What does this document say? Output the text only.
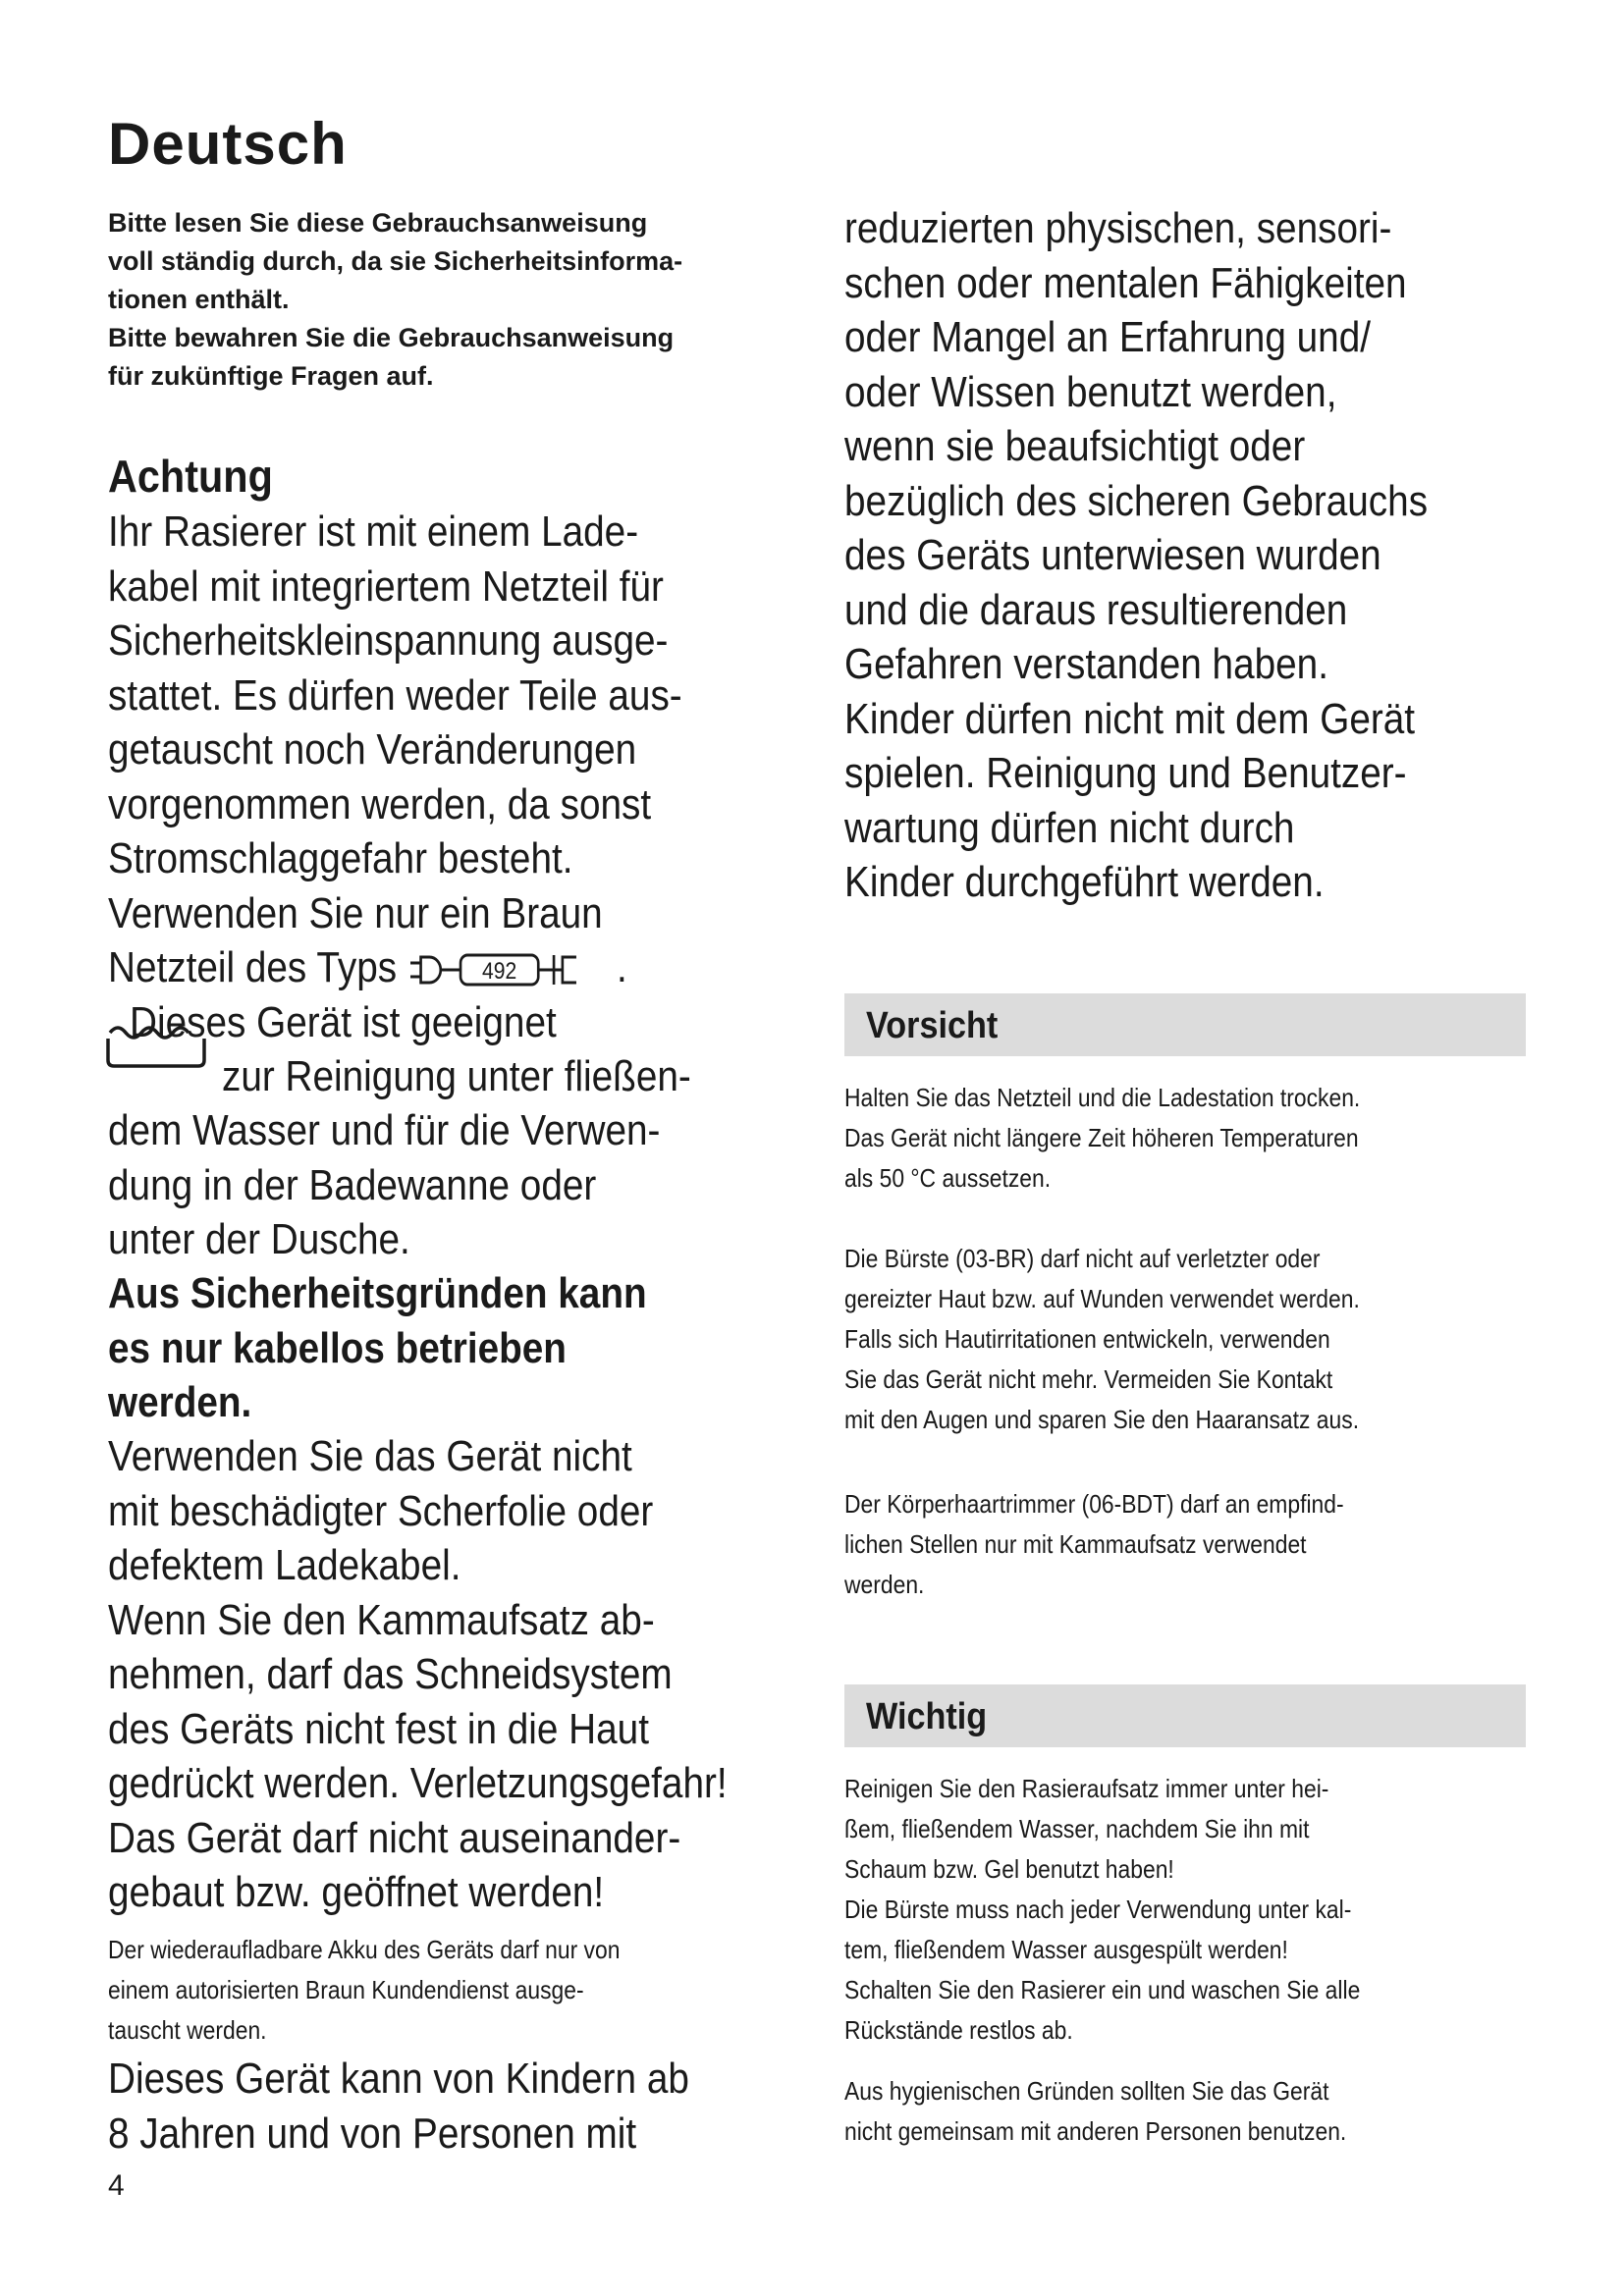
Deutsch
Bitte lesen Sie diese Gebrauchsanweisung
voll ständig durch, da sie Sicherheitsinforma-
tionen enthält.
Bitte bewahren Sie die Gebrauchsanweisung
für zukünftige Fragen auf.
Achtung
Ihr Rasierer ist mit einem Lade-
kabel mit integriertem Netzteil für
Sicherheitskleinspannung ausge-
stattet. Es dürfen weder Teile aus-
getauscht noch Veränderungen
vorgenommen werden, da sonst
Stromschlaggefahr besteht.
Verwenden Sie nur ein Braun
Netzteil des Typs	492 .
Dieses Gerät ist geeignet
zur Reinigung unter fließen-
dem Wasser und für die Verwen-
dung in der Badewanne oder
unter der Dusche.
Aus Sicherheitsgründen kann
es nur kabellos betrieben
werden.
Verwenden Sie das Gerät nicht
mit beschädigter Scherfolie oder
defektem Ladekabel.
Wenn Sie den Kammaufsatz ab-
nehmen, darf das Schneidsystem
des Geräts nicht fest in die Haut
gedrückt werden. Verletzungsgefahr!
Das Gerät darf nicht auseinander-
gebaut bzw. geöffnet werden!
Der wiederaufladbare Akku des Geräts darf nur von
einem autorisierten Braun Kundendienst ausge-
tauscht werden.
Dieses Gerät kann von Kindern ab
8 Jahren und von Personen mit
4
reduzierten physischen, sensori-
schen oder mentalen Fähigkeiten
oder Mangel an Erfahrung und/
oder Wissen benutzt werden,
wenn sie beaufsichtigt oder
bezüglich des sicheren Gebrauchs
des Geräts unterwiesen wurden
und die daraus resultierenden
Gefahren verstanden haben.
Kinder dürfen nicht mit dem Gerät
spielen. Reinigung und Benutzer-
wartung dürfen nicht durch
Kinder durchgeführt werden.
Vorsicht
Halten Sie das Netzteil und die Ladestation trocken.
Das Gerät nicht längere Zeit höheren Temperaturen
als 50 °C aussetzen.
Die Bürste (03-BR) darf nicht auf verletzter oder
gereizter Haut bzw. auf Wunden verwendet werden.
Falls sich Hautirritationen entwickeln, verwenden
Sie das Gerät nicht mehr. Vermeiden Sie Kontakt
mit den Augen und sparen Sie den Haaransatz aus.
Der Körperhaartrimmer (06-BDT) darf an empfind-
lichen Stellen nur mit Kammaufsatz verwendet
werden.
Wichtig
Reinigen Sie den Rasieraufsatz immer unter hei-
ßem, fließendem Wasser, nachdem Sie ihn mit
Schaum bzw. Gel benutzt haben!
Die Bürste muss nach jeder Verwendung unter kal-
tem, fließendem Wasser ausgespült werden!
Schalten Sie den Rasierer ein und waschen Sie alle
Rückstände restlos ab.
Aus hygienischen Gründen sollten Sie das Gerät
nicht gemeinsam mit anderen Personen benutzen.
